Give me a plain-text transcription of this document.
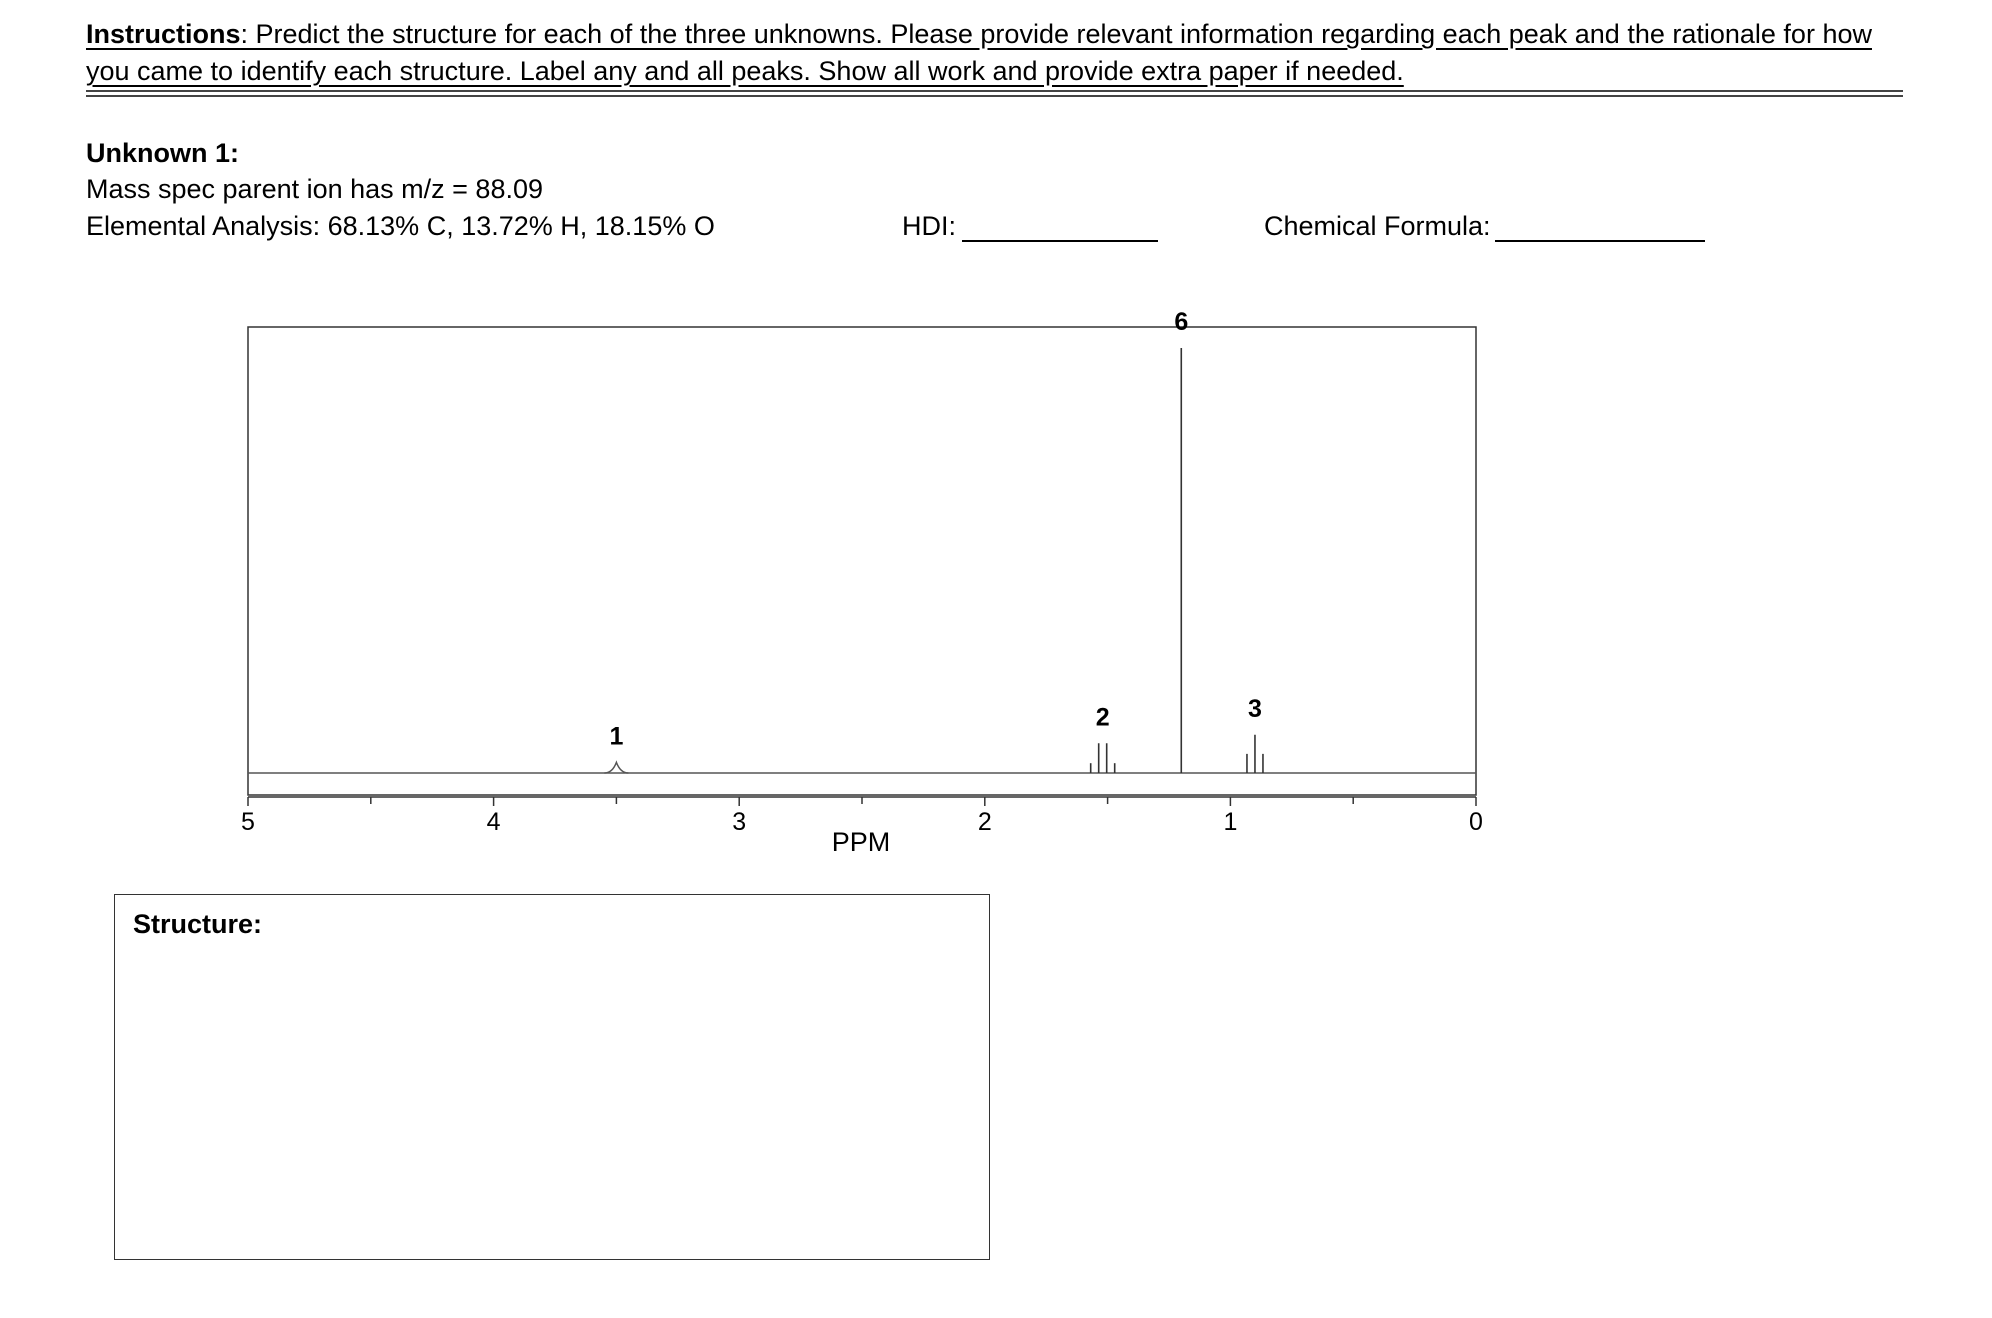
Instructions: Predict the structure for each of the three unknowns. Please provide relevant information regarding each peak and the rationale for how you came to identify each structure. Label any and all peaks. Show all work and provide extra paper if needed.
Unknown 1:
Mass spec parent ion has m/z = 88.09
Elemental Analysis: 68.13% C, 13.72% H, 18.15% O	HDI:	Chemical Formula:
1
2
6
3
5	4	3	2	1	0
PPM
Structure:
